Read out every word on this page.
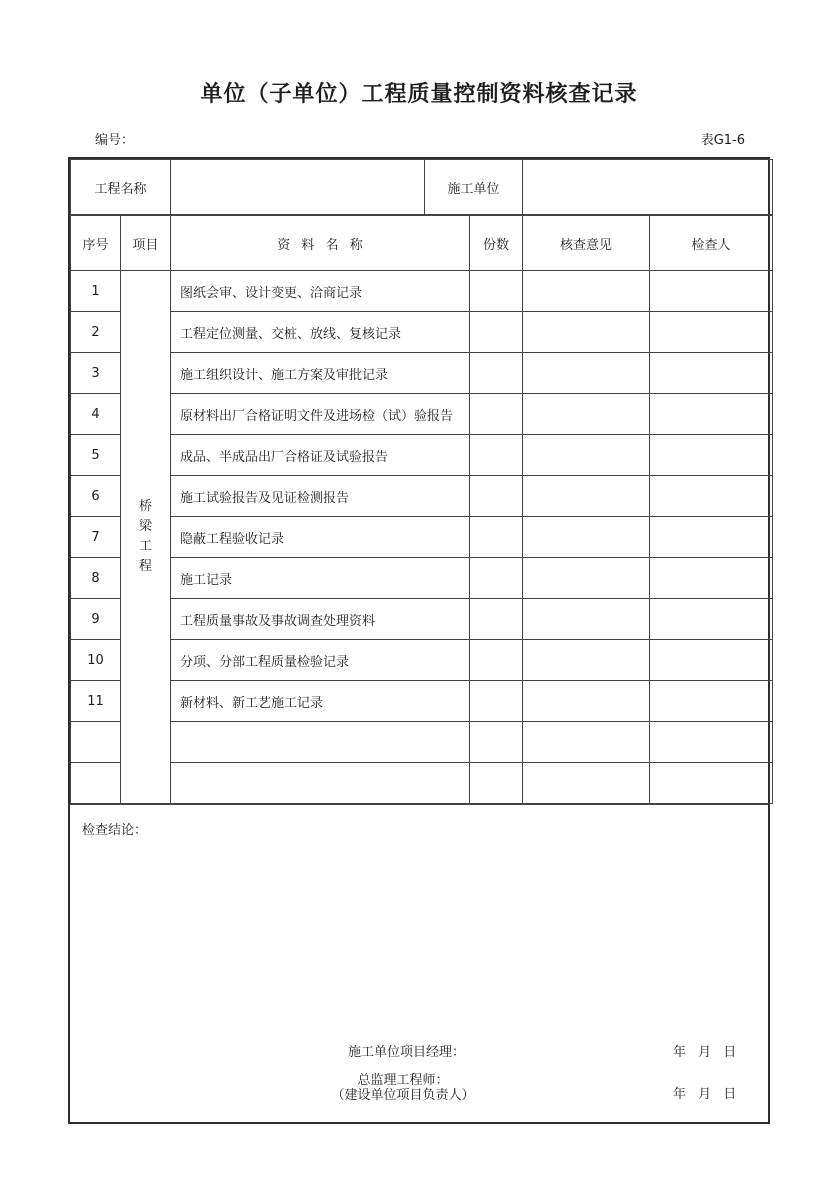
单位（子单位）工程质量控制资料核查记录
编号：	表G1-6
工程名称		施工单位	
序号	项目	资 料 名 称	份数	核查意见	检查人
1	桥梁工程	图纸会审、设计变更、洽商记录			
2		工程定位测量、交桩、放线、复核记录			
3		施工组织设计、施工方案及审批记录			
4		原材料出厂合格证明文件及进场检（试）验报告			
5		成品、半成品出厂合格证及试验报告			
6		施工试验报告及见证检测报告			
7		隐蔽工程验收记录			
8		施工记录			
9		工程质量事故及事故调查处理资料			
10		分项、分部工程质量检验记录			
11		新材料、新工艺施工记录			

检查结论：
施工单位项目经理：	年 月 日
总监理工程师：
（建设单位项目负责人）	年 月 日
